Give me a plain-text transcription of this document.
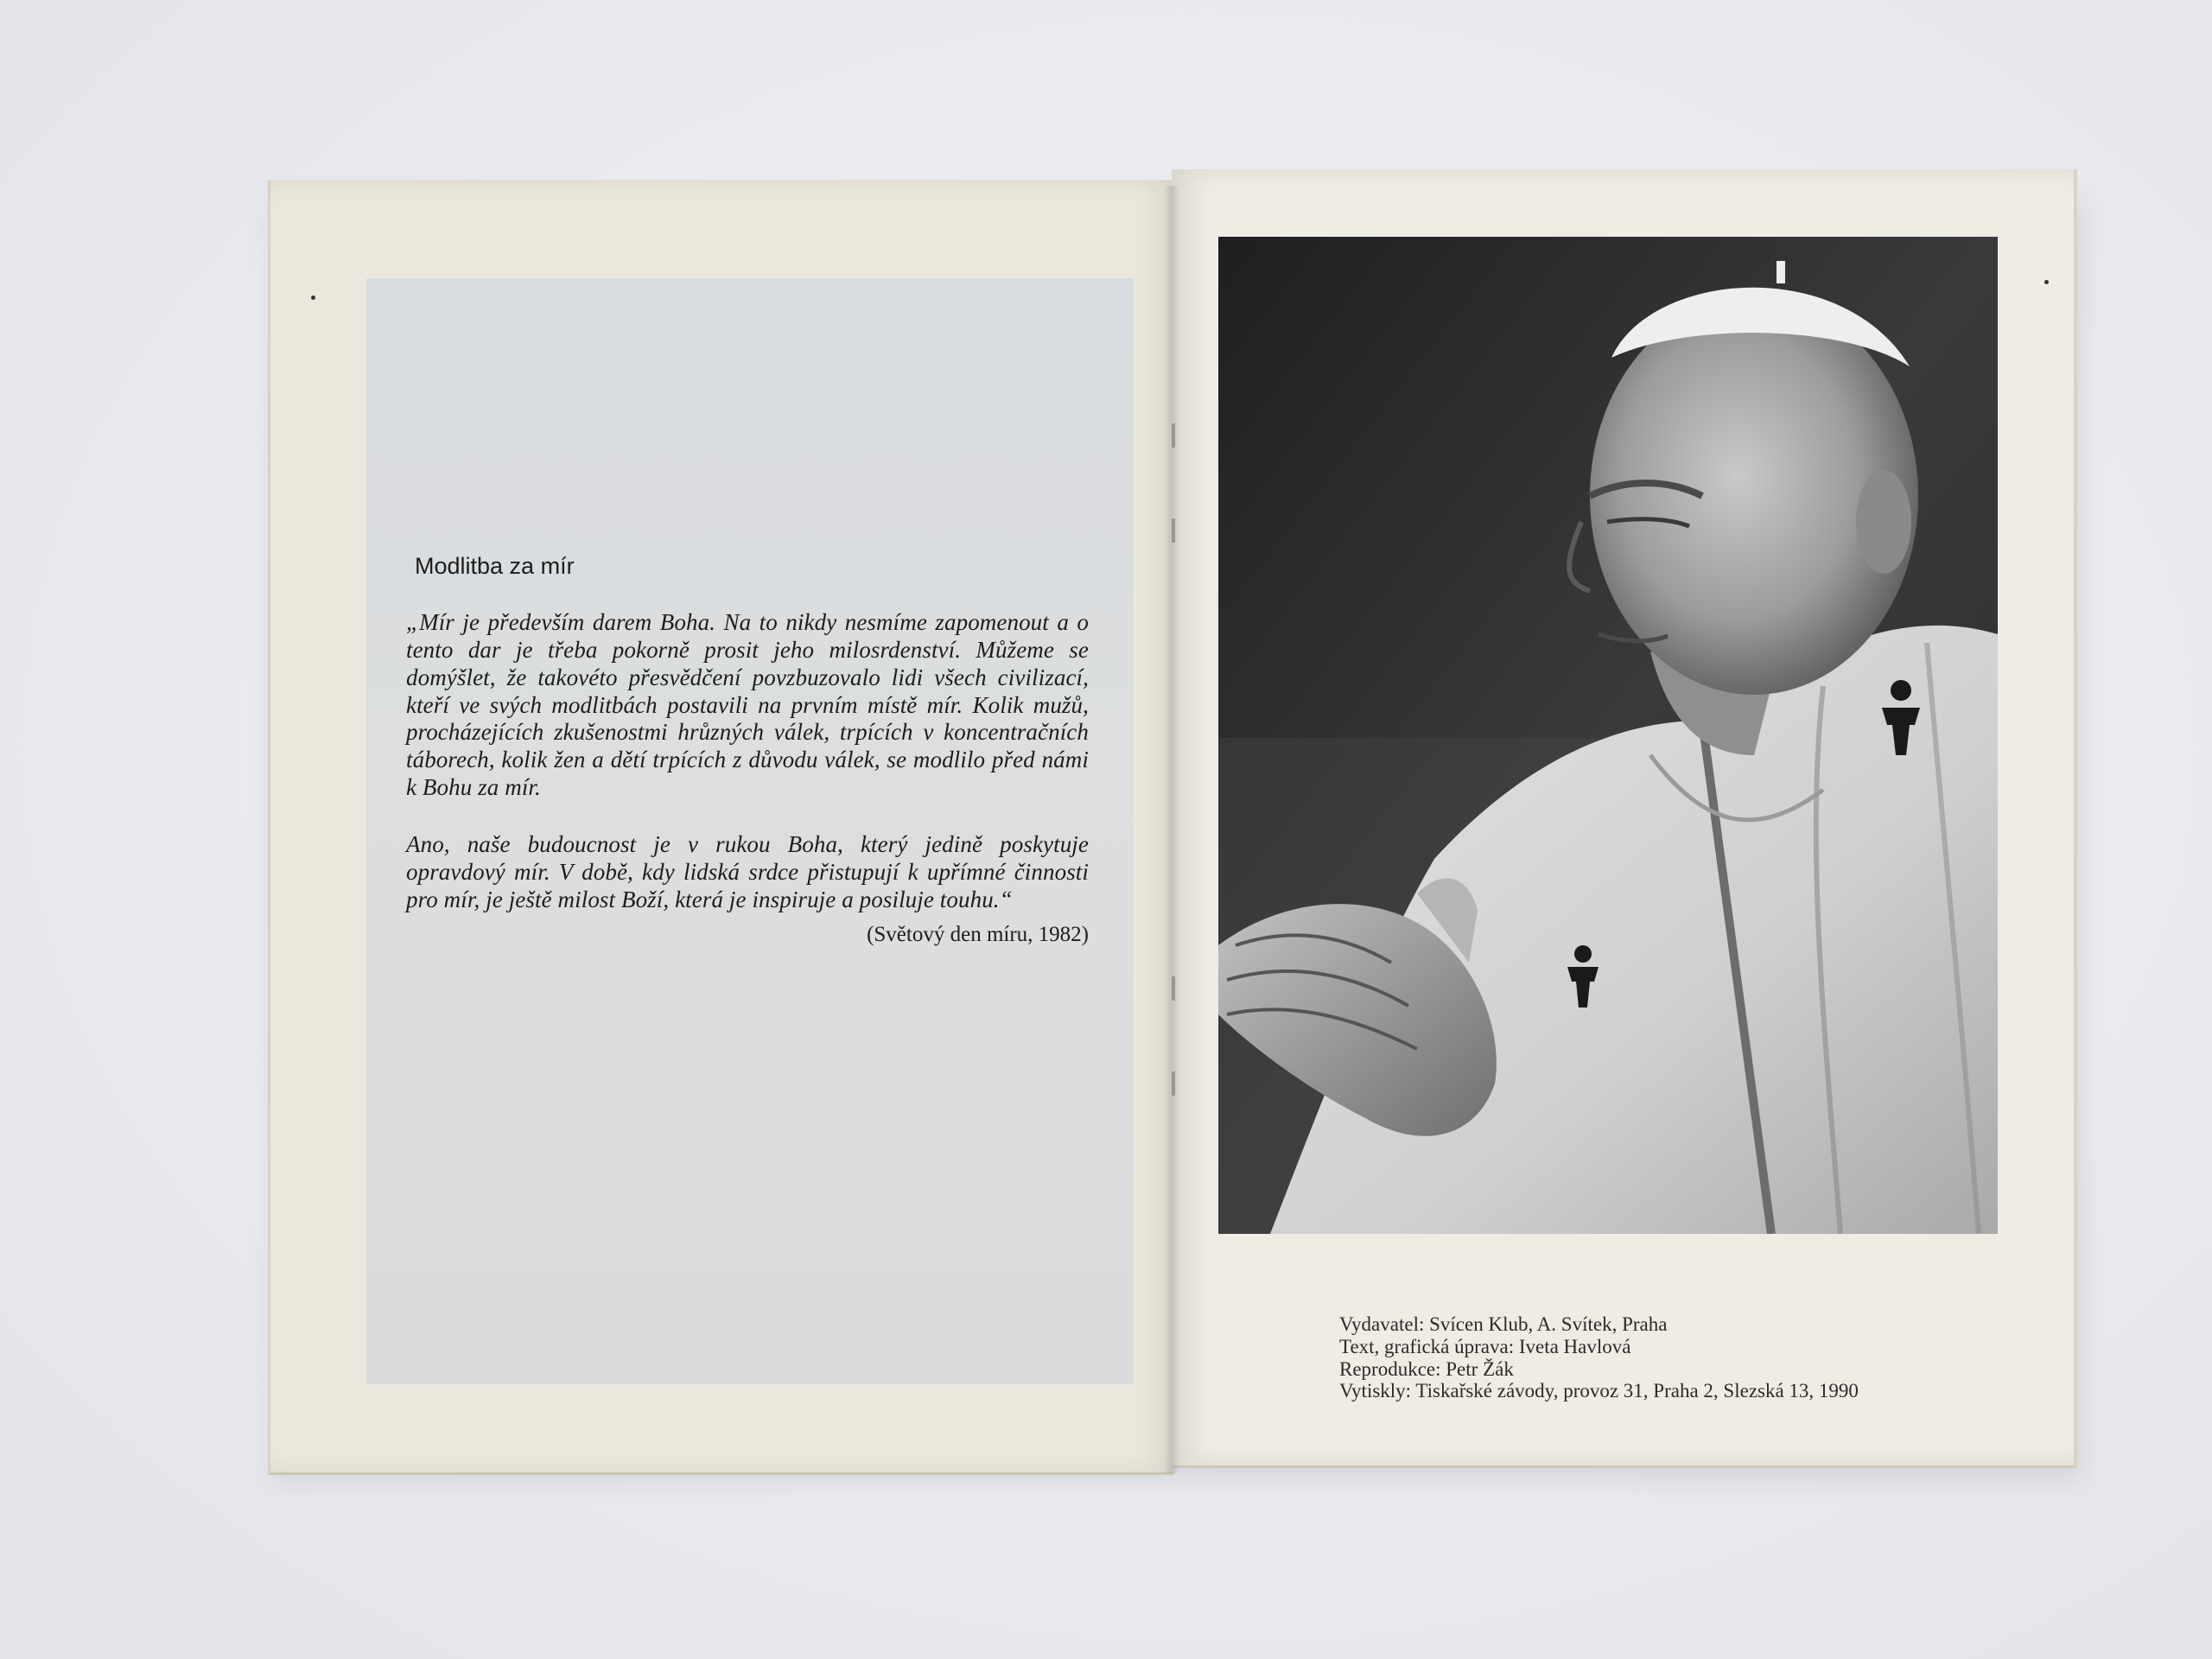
Modlitba za mír

„Mír je především darem Boha. Na to nikdy nesmíme zapomenout a o tento dar je třeba pokorně prosit jeho milosrdenství. Můžeme se domýšlet, že takovéto přesvědčení povzbuzovalo lidi všech civilizací, kteří ve svých modlitbách postavili na prvním místě mír. Kolik mužů, procházejících zkušenostmi hrůzných válek, trpících v koncentračních táborech, kolik žen a dětí trpících z důvodu válek, se modlilo před námi k Bohu za mír.

Ano, naše budoucnost je v rukou Boha, který jedině poskytuje opravdový mír. V době, kdy lidská srdce přistupují k upřímné činnosti pro mír, je ještě milost Boží, která je inspiruje a posiluje touhu.“

(Světový den míru, 1982)
Vydavatel: Svícen Klub, A. Svítek, Praha
Text, grafická úprava: Iveta Havlová
Reprodukce: Petr Žák
Vytiskly: Tiskařské závody, provoz 31, Praha 2, Slezská 13, 1990
